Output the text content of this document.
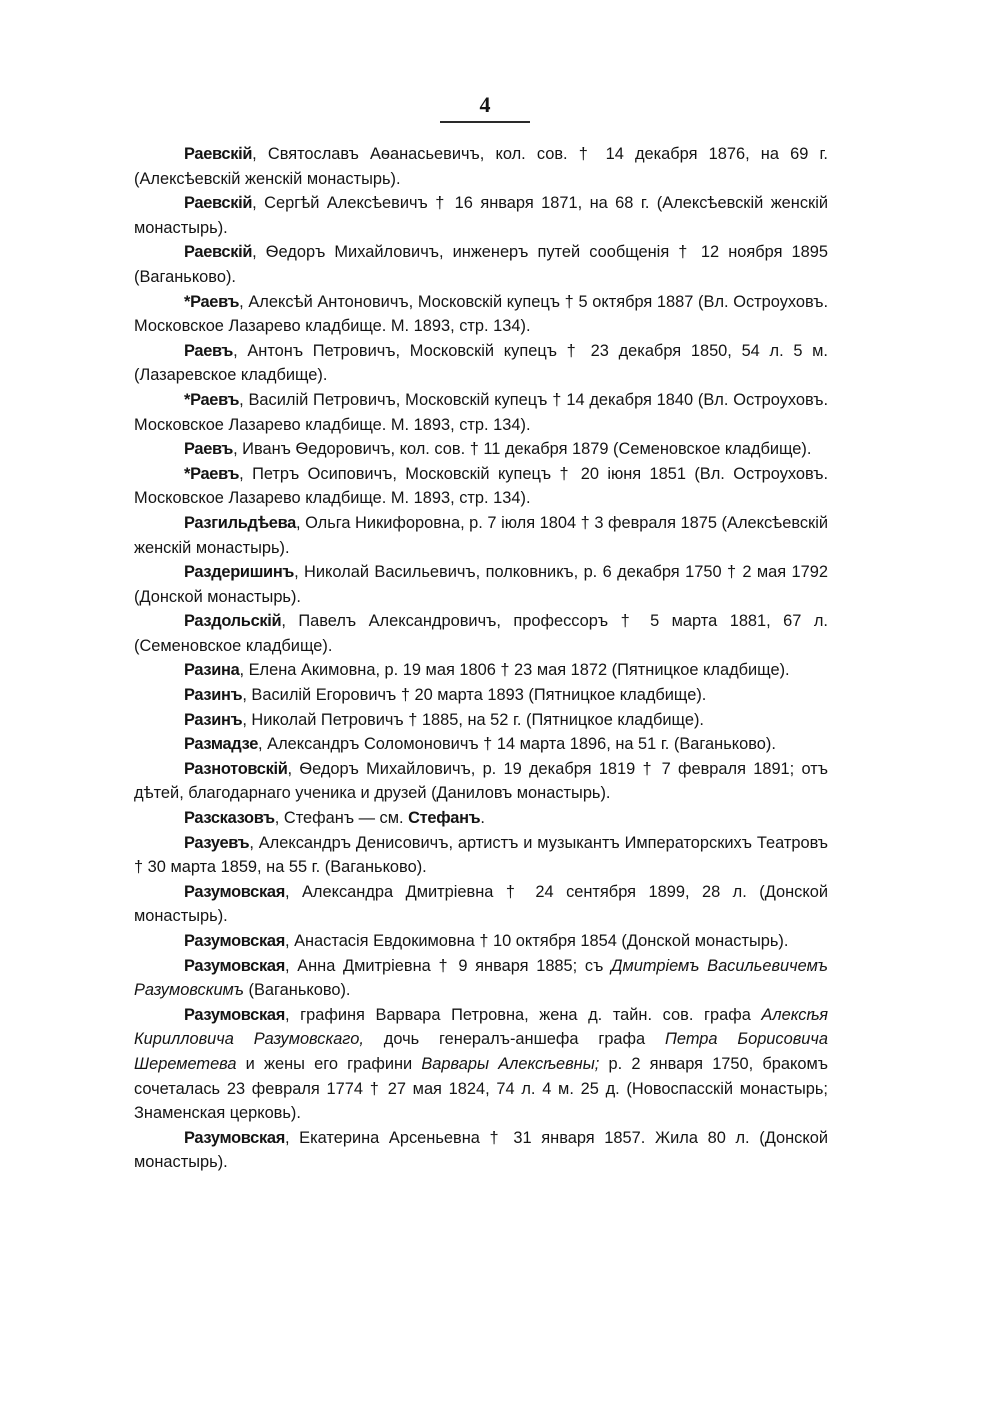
4

Раевскій, Святославъ Аѳанасьевичъ, кол. сов. † 14 декабря 1876, на 69 г. (Алексѣевскій женскій монастырь).

Раевскій, Сергѣй Алексѣевичъ † 16 января 1871, на 68 г. (Алексѣевскій женскій монастырь).

Раевскій, Ѳедоръ Михайловичъ, инженеръ путей сообщенія † 12 ноября 1895 (Ваганьково).

*Раевъ, Алексѣй Антоновичъ, Московскій купецъ † 5 октября 1887 (Вл. Остроуховъ. Московское Лазарево кладбище. М. 1893, стр. 134).

Раевъ, Антонъ Петровичъ, Московскій купецъ † 23 декабря 1850, 54 л. 5 м. (Лазаревское кладбище).

*Раевъ, Василій Петровичъ, Московскій купецъ † 14 декабря 1840 (Вл. Остроуховъ. Московское Лазарево кладбище. М. 1893, стр. 134).

Раевъ, Иванъ Ѳедоровичъ, кол. сов. † 11 декабря 1879 (Семеновское кладбище).

*Раевъ, Петръ Осиповичъ, Московскій купецъ † 20 іюня 1851 (Вл. Остроуховъ. Московское Лазарево кладбище. М. 1893, стр. 134).

Разгильдѣева, Ольга Никифоровна, р. 7 іюля 1804 † 3 февраля 1875 (Алексѣевскій женскій монастырь).

Раздеришинъ, Николай Васильевичъ, полковникъ, р. 6 декабря 1750 † 2 мая 1792 (Донской монастырь).

Раздольскій, Павелъ Александровичъ, профессоръ † 5 марта 1881, 67 л. (Семеновское кладбище).

Разина, Елена Акимовна, р. 19 мая 1806 † 23 мая 1872 (Пятницкое кладбище).

Разинъ, Василій Егоровичъ † 20 марта 1893 (Пятницкое кладбище).

Разинъ, Николай Петровичъ † 1885, на 52 г. (Пятницкое кладбище).

Размадзе, Александръ Соломоновичъ † 14 марта 1896, на 51 г. (Ваганьково).

Разнотовскій, Ѳедоръ Михайловичъ, р. 19 декабря 1819 † 7 февраля 1891; отъ дѣтей, благодарнаго ученика и друзей (Даниловъ монастырь).

Разсказовъ, Стефанъ — см. Стефанъ.

Разуевъ, Александръ Денисовичъ, артистъ и музыкантъ Императорскихъ Театровъ † 30 марта 1859, на 55 г. (Ваганьково).

Разумовская, Александра Дмитріевна † 24 сентября 1899, 28 л. (Донской монастырь).

Разумовская, Анастасія Евдокимовна † 10 октября 1854 (Донской монастырь).

Разумовская, Анна Дмитріевна † 9 января 1885; съ Дмитріемъ Васильевичемъ Разумовскимъ (Ваганьково).

Разумовская, графиня Варвара Петровна, жена д. тайн. сов. графа Алексѣя Кирилловича Разумовскаго, дочь генералъ-аншефа графа Петра Борисовича Шереметева и жены его графини Варвары Алексѣевны; р. 2 января 1750, бракомъ сочеталась 23 февраля 1774 † 27 мая 1824, 74 л. 4 м. 25 д. (Новоспасскій монастырь; Знаменская церковь).

Разумовская, Екатерина Арсеньевна † 31 января 1857. Жила 80 л. (Донской монастырь).
